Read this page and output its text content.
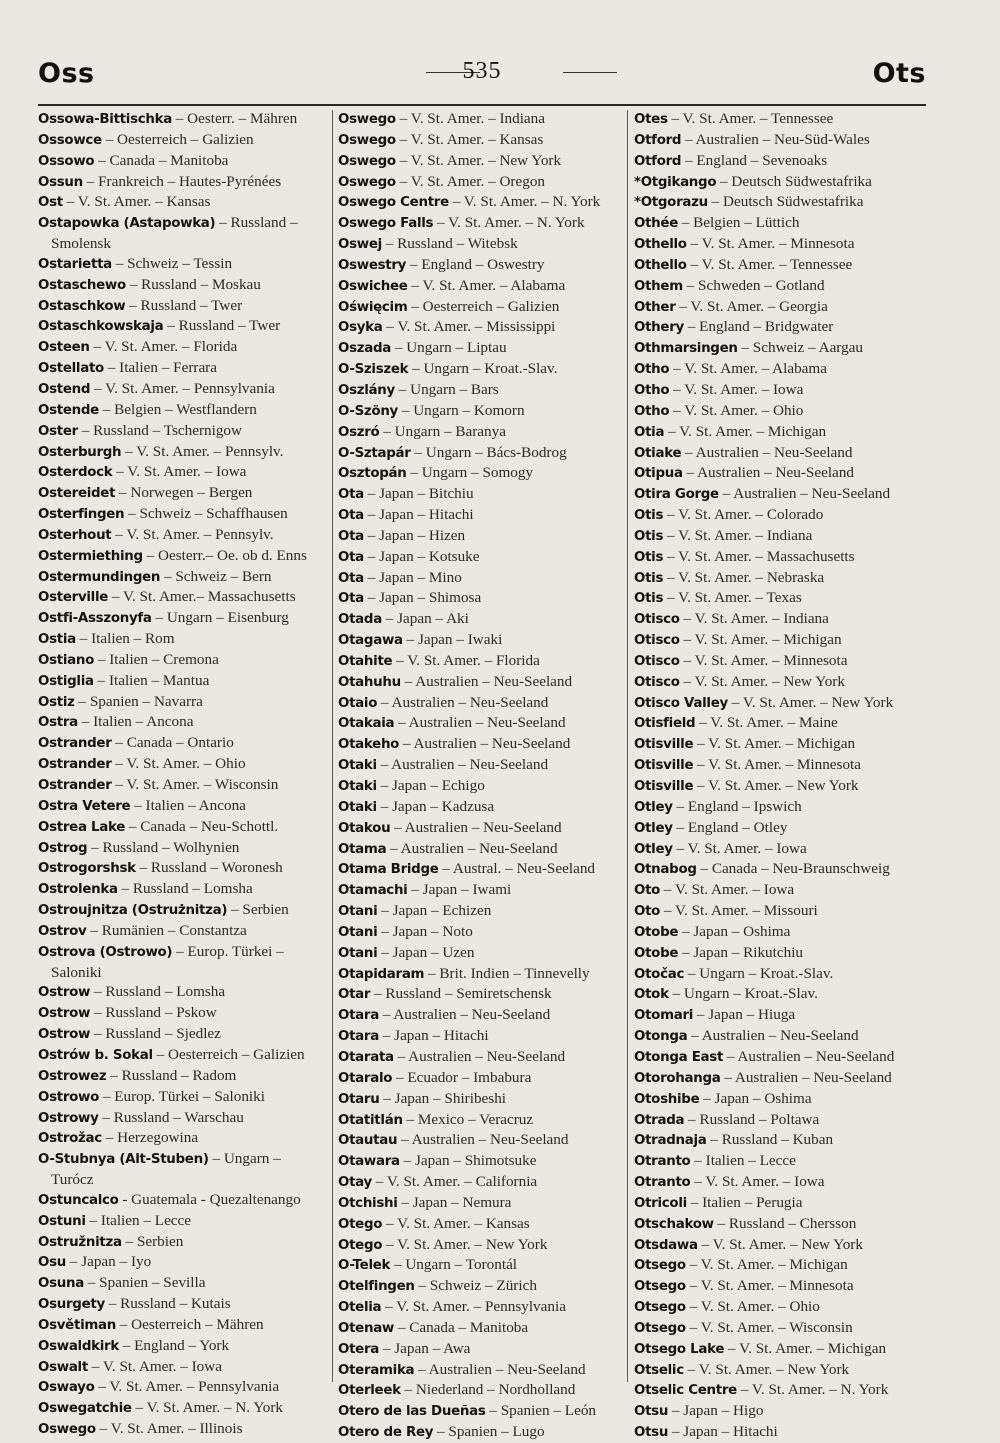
Oss	535	Ots
Ossowa-Bittischka – Oesterr. – Mähren
Ossowce – Oesterreich – Galizien
Ossowo – Canada – Manitoba
Ossun – Frankreich – Hautes-Pyrénées
Ost – V. St. Amer. – Kansas
Ostapowka (Astapowka) – Russland –
Smolensk
Ostarietta – Schweiz – Tessin
Ostaschewo – Russland – Moskau
Ostaschkow – Russland – Twer
Ostaschkowskaja – Russland – Twer
Osteen – V. St. Amer. – Florida
Ostellato – Italien – Ferrara
Ostend – V. St. Amer. – Pennsylvania
Ostende – Belgien – Westflandern
Oster – Russland – Tschernigow
Osterburgh – V. St. Amer. – Pennsylv.
Osterdock – V. St. Amer. – Iowa
Ostereidet – Norwegen – Bergen
Osterfingen – Schweiz – Schaffhausen
Osterhout – V. St. Amer. – Pennsylv.
Ostermiething – Oesterr.– Oe. ob d. Enns
Ostermundingen – Schweiz – Bern
Osterville – V. St. Amer.– Massachusetts
Ostfi-Asszonyfa – Ungarn – Eisenburg
Ostia – Italien – Rom
Ostiano – Italien – Cremona
Ostiglia – Italien – Mantua
Ostiz – Spanien – Navarra
Ostra – Italien – Ancona
Ostrander – Canada – Ontario
Ostrander – V. St. Amer. – Ohio
Ostrander – V. St. Amer. – Wisconsin
Ostra Vetere – Italien – Ancona
Ostrea Lake – Canada – Neu-Schottl.
Ostrog – Russland – Wolhynien
Ostrogorshsk – Russland – Woronesh
Ostrolenka – Russland – Lomsha
Ostroujnitza (Ostrużnitza) – Serbien
Ostrov – Rumänien – Constantza
Ostrova (Ostrowo) – Europ. Türkei –
Saloniki
Ostrow – Russland – Lomsha
Ostrow – Russland – Pskow
Ostrow – Russland – Sjedlez
Ostrów b. Sokal – Oesterreich – Galizien
Ostrowez – Russland – Radom
Ostrowo – Europ. Türkei – Saloniki
Ostrowy – Russland – Warschau
Ostrožac – Herzegowina
O-Stubnya (Alt-Stuben) – Ungarn –
Turócz
Ostuncalco - Guatemala - Quezaltenango
Ostuni – Italien – Lecce
Ostružnitza – Serbien
Osu – Japan – Iyo
Osuna – Spanien – Sevilla
Osurgety – Russland – Kutais
Osvětiman – Oesterreich – Mähren
Oswaldkirk – England – York
Oswalt – V. St. Amer. – Iowa
Oswayo – V. St. Amer. – Pennsylvania
Oswegatchie – V. St. Amer. – N. York
Oswego – V. St. Amer. – Illinois
Oswego – V. St. Amer. – Indiana
Oswego – V. St. Amer. – Kansas
Oswego – V. St. Amer. – New York
Oswego – V. St. Amer. – Oregon
Oswego Centre – V. St. Amer. – N. York
Oswego Falls – V. St. Amer. – N. York
Oswej – Russland – Witebsk
Oswestry – England – Oswestry
Oswichee – V. St. Amer. – Alabama
Oświęcim – Oesterreich – Galizien
Osyka – V. St. Amer. – Mississippi
Oszada – Ungarn – Liptau
O-Sziszek – Ungarn – Kroat.-Slav.
Oszlány – Ungarn – Bars
O-Szöny – Ungarn – Komorn
Oszró – Ungarn – Baranya
O-Sztapár – Ungarn – Bács-Bodrog
Osztopán – Ungarn – Somogy
Ota – Japan – Bitchiu
Ota – Japan – Hitachi
Ota – Japan – Hizen
Ota – Japan – Kotsuke
Ota – Japan – Mino
Ota – Japan – Shimosa
Otada – Japan – Aki
Otagawa – Japan – Iwaki
Otahite – V. St. Amer. – Florida
Otahuhu – Australien – Neu-Seeland
Otaio – Australien – Neu-Seeland
Otakaia – Australien – Neu-Seeland
Otakeho – Australien – Neu-Seeland
Otaki – Australien – Neu-Seeland
Otaki – Japan – Echigo
Otaki – Japan – Kadzusa
Otakou – Australien – Neu-Seeland
Otama – Australien – Neu-Seeland
Otama Bridge – Austral. – Neu-Seeland
Otamachi – Japan – Iwami
Otani – Japan – Echizen
Otani – Japan – Noto
Otani – Japan – Uzen
Otapidaram – Brit. Indien – Tinnevelly
Otar – Russland – Semiretschensk
Otara – Australien – Neu-Seeland
Otara – Japan – Hitachi
Otarata – Australien – Neu-Seeland
Otaralo – Ecuador – Imbabura
Otaru – Japan – Shiribeshi
Otatitlán – Mexico – Veracruz
Otautau – Australien – Neu-Seeland
Otawara – Japan – Shimotsuke
Otay – V. St. Amer. – California
Otchishi – Japan – Nemura
Otego – V. St. Amer. – Kansas
Otego – V. St. Amer. – New York
O-Telek – Ungarn – Torontál
Otelfingen – Schweiz – Zürich
Otelia – V. St. Amer. – Pennsylvania
Otenaw – Canada – Manitoba
Otera – Japan – Awa
Oteramika – Australien – Neu-Seeland
Oterleek – Niederland – Nordholland
Otero de las Dueñas – Spanien – León
Otero de Rey – Spanien – Lugo
Otes – V. St. Amer. – Tennessee
Otford – Australien – Neu-Süd-Wales
Otford – England – Sevenoaks
*Otgikango – Deutsch Südwestafrika
*Otgorazu – Deutsch Südwestafrika
Othée – Belgien – Lüttich
Othello – V. St. Amer. – Minnesota
Othello – V. St. Amer. – Tennessee
Othem – Schweden – Gotland
Other – V. St. Amer. – Georgia
Othery – England – Bridgwater
Othmarsingen – Schweiz – Aargau
Otho – V. St. Amer. – Alabama
Otho – V. St. Amer. – Iowa
Otho – V. St. Amer. – Ohio
Otia – V. St. Amer. – Michigan
Otiake – Australien – Neu-Seeland
Otipua – Australien – Neu-Seeland
Otira Gorge – Australien – Neu-Seeland
Otis – V. St. Amer. – Colorado
Otis – V. St. Amer. – Indiana
Otis – V. St. Amer. – Massachusetts
Otis – V. St. Amer. – Nebraska
Otis – V. St. Amer. – Texas
Otisco – V. St. Amer. – Indiana
Otisco – V. St. Amer. – Michigan
Otisco – V. St. Amer. – Minnesota
Otisco – V. St. Amer. – New York
Otisco Valley – V. St. Amer. – New York
Otisfield – V. St. Amer. – Maine
Otisville – V. St. Amer. – Michigan
Otisville – V. St. Amer. – Minnesota
Otisville – V. St. Amer. – New York
Otley – England – Ipswich
Otley – England – Otley
Otley – V. St. Amer. – Iowa
Otnabog – Canada – Neu-Braunschweig
Oto – V. St. Amer. – Iowa
Oto – V. St. Amer. – Missouri
Otobe – Japan – Oshima
Otobe – Japan – Rikutchiu
Otočac – Ungarn – Kroat.-Slav.
Otok – Ungarn – Kroat.-Slav.
Otomari – Japan – Hiuga
Otonga – Australien – Neu-Seeland
Otonga East – Australien – Neu-Seeland
Otorohanga – Australien – Neu-Seeland
Otoshibe – Japan – Oshima
Otrada – Russland – Poltawa
Otradnaja – Russland – Kuban
Otranto – Italien – Lecce
Otranto – V. St. Amer. – Iowa
Otricoli – Italien – Perugia
Otschakow – Russland – Chersson
Otsdawa – V. St. Amer. – New York
Otsego – V. St. Amer. – Michigan
Otsego – V. St. Amer. – Minnesota
Otsego – V. St. Amer. – Ohio
Otsego – V. St. Amer. – Wisconsin
Otsego Lake – V. St. Amer. – Michigan
Otselic – V. St. Amer. – New York
Otselic Centre – V. St. Amer. – N. York
Otsu – Japan – Higo
Otsu – Japan – Hitachi
